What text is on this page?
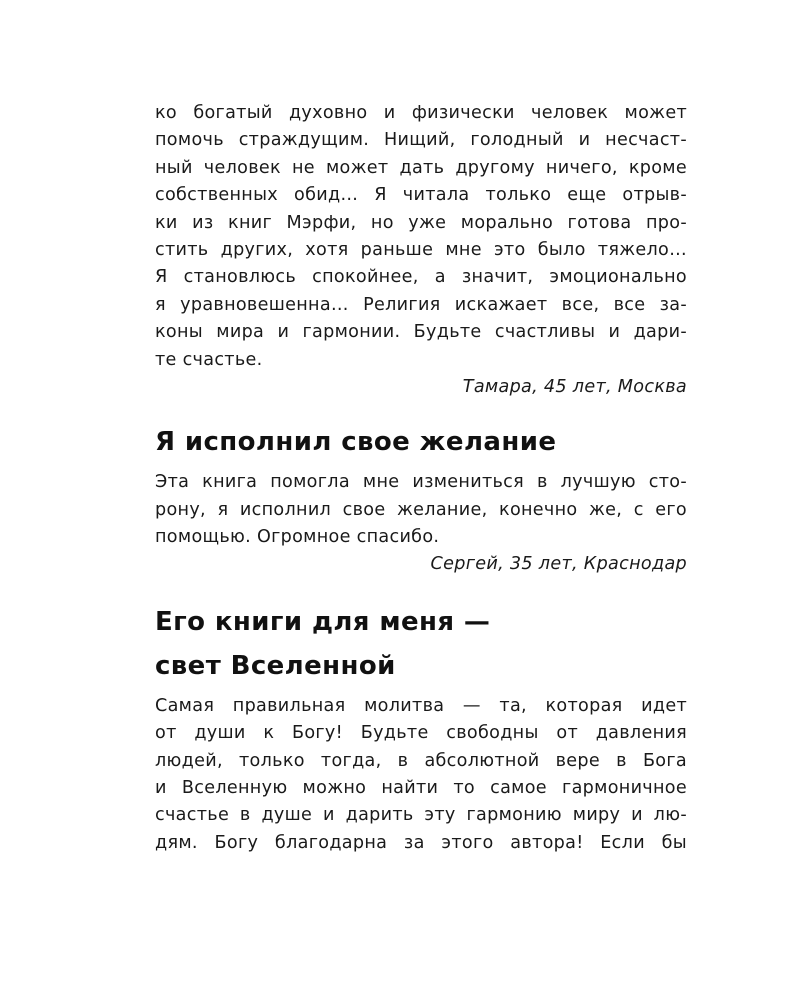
ко богатый духовно и физически человек может
помочь страждущим. Нищий, голодный и несчаст-
ный человек не может дать другому ничего, кроме
собственных обид… Я читала только еще отрыв-
ки из книг Мэрфи, но уже морально готова про-
стить других, хотя раньше мне это было тяжело…
Я становлюсь спокойнее, а значит, эмоционально
я уравновешенна… Религия искажает все, все за-
коны мира и гармонии. Будьте счастливы и дари-
те счастье.
Тамара, 45 лет, Москва
Я исполнил свое желание
Эта книга помогла мне измениться в лучшую сто-
рону, я исполнил свое желание, конечно же, с его
помощью. Огромное спасибо.
Сергей, 35 лет, Краснодар
Его книги для меня —
свет Вселенной
Самая правильная молитва — та, которая идет
от души к Богу! Будьте свободны от давления
людей, только тогда, в абсолютной вере в Бога
и Вселенную можно найти то самое гармоничное
счастье в душе и дарить эту гармонию миру и лю-
дям. Богу благодарна за этого автора! Если бы
